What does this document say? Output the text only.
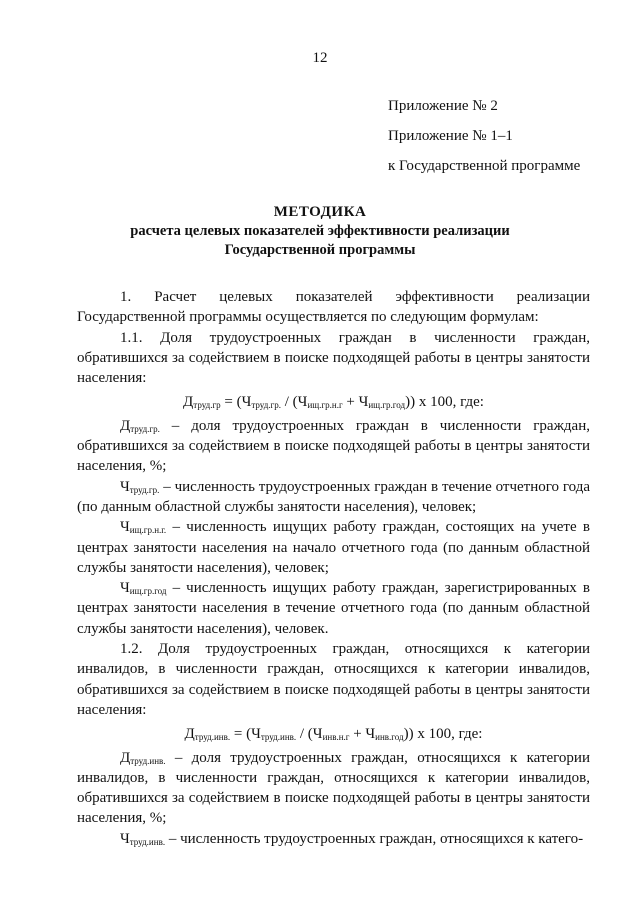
12
Приложение № 2
Приложение № 1–1
к Государственной программе
МЕТОДИКА
расчета целевых показателей эффективности реализации
Государственной программы

1. Расчет целевых показателей эффективности реализации Государственной программы осуществляется по следующим формулам:

1.1. Доля трудоустроенных граждан в численности граждан, обратившихся за содействием в поиске подходящей работы в центры занятости населения:

$Д_{труд.гр} = (Ч_{труд.гр.} / (Ч_{ищ.гр.н.г} + Ч_{ищ.гр.год}))$ х 100, где:

$Д_{труд.гр.}$ – доля трудоустроенных граждан в численности граждан, обратившихся за содействием в поиске подходящей работы в центры занятости населения, %;

$Ч_{труд.гр.}$ – численность трудоустроенных граждан в течение отчетного года (по данным областной службы занятости населения), человек;

$Ч_{ищ.гр.н.г.}$ – численность ищущих работу граждан, состоящих на учете в центрах занятости населения на начало отчетного года (по данным областной службы занятости населения), человек;

$Ч_{ищ.гр.год}$ – численность ищущих работу граждан, зарегистрированных в центрах занятости населения в течение отчетного года (по данным областной службы занятости населения), человек.

1.2. Доля трудоустроенных граждан, относящихся к категории инвалидов, в численности граждан, относящихся к категории инвалидов, обратившихся за содействием в поиске подходящей работы в центры занятости населения:

$Д_{труд.инв.} = (Ч_{труд.инв.} / (Ч_{инв.н.г} + Ч_{инв.год}))$ х 100, где:

$Д_{труд.инв.}$ – доля трудоустроенных граждан, относящихся к категории инвалидов, в численности граждан, относящихся к категории инвалидов, обратившихся за содействием в поиске подходящей работы в центры занятости населения, %;

$Ч_{труд.инв.}$ – численность трудоустроенных граждан, относящихся к катего-
